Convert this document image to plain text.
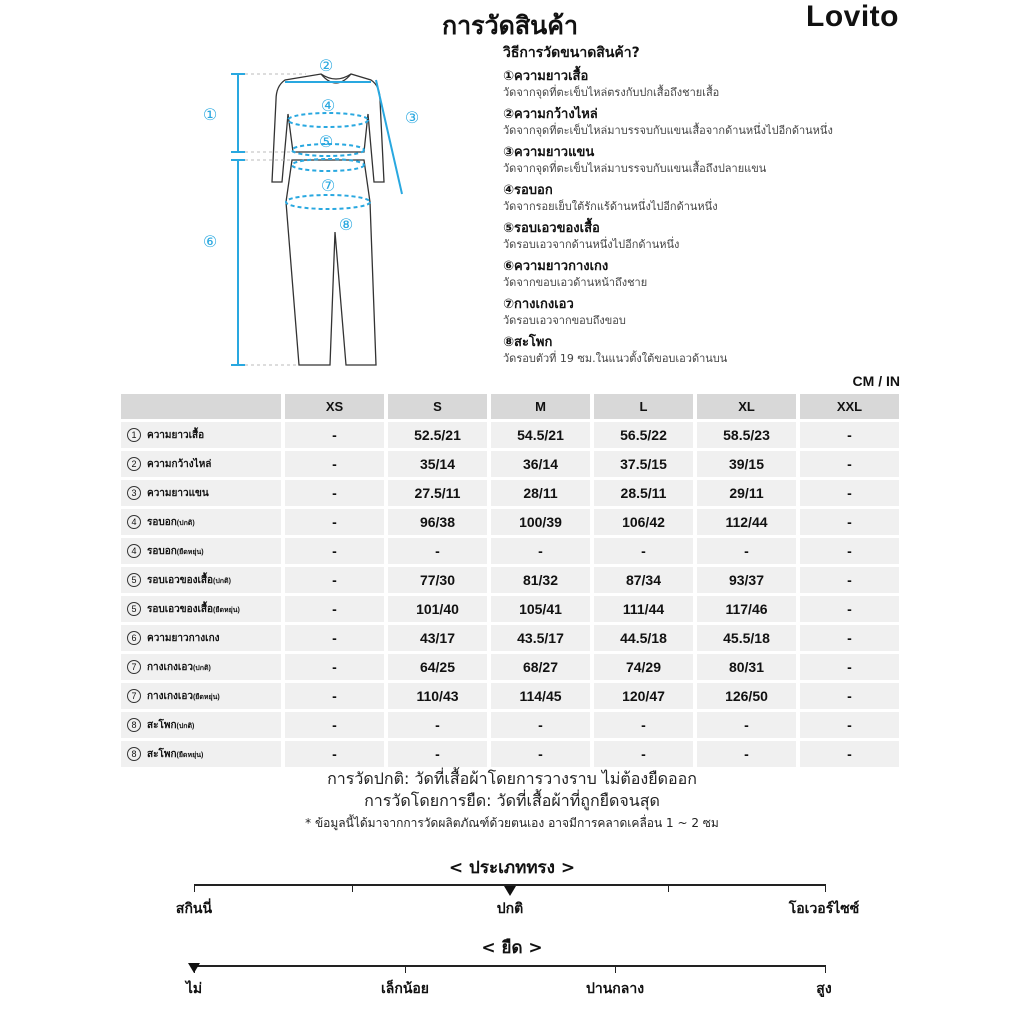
การวัดสินค้า	Lovito
①
②
③
④
⑤
⑥
⑦
⑧
วิธีการวัดขนาดสินค้า?
①ความยาวเสื้อ
วัดจากจุดที่ตะเข็บไหล่ตรงกับปกเสื้อถึงชายเสื้อ
②ความกว้างไหล่
วัดจากจุดที่ตะเข็บไหล่มาบรรจบกับแขนเสื้อจากด้านหนึ่งไปอีกด้านหนึ่ง
③ความยาวแขน
วัดจากจุดที่ตะเข็บไหล่มาบรรจบกับแขนเสื้อถึงปลายแขน
④รอบอก
วัดจากรอยเย็บใต้รักแร้ด้านหนึ่งไปอีกด้านหนึ่ง
⑤รอบเอวของเสื้อ
วัดรอบเอวจากด้านหนึ่งไปอีกด้านหนึ่ง
⑥ความยาวกางเกง
วัดจากขอบเอวด้านหน้าถึงชาย
⑦กางเกงเอว
วัดรอบเอวจากขอบถึงขอบ
⑧สะโพก
วัดรอบตัวที่ 19 ซม.ในแนวตั้งใต้ขอบเอวด้านบน
CM / IN
	XS	S	M	L	XL	XXL
1 ความยาวเสื้อ	-	52.5/21	54.5/21	56.5/22	58.5/23	-
2 ความกว้างไหล่	-	35/14	36/14	37.5/15	39/15	-
3 ความยาวแขน	-	27.5/11	28/11	28.5/11	29/11	-
4 รอบอก(ปกติ)	-	96/38	100/39	106/42	112/44	-
4 รอบอก(ยืดหยุ่น)	-	-	-	-	-	-
5 รอบเอวของเสื้อ(ปกติ)	-	77/30	81/32	87/34	93/37	-
5 รอบเอวของเสื้อ(ยืดหยุ่น)	-	101/40	105/41	111/44	117/46	-
6 ความยาวกางเกง	-	43/17	43.5/17	44.5/18	45.5/18	-
7 กางเกงเอว(ปกติ)	-	64/25	68/27	74/29	80/31	-
7 กางเกงเอว(ยืดหยุ่น)	-	110/43	114/45	120/47	126/50	-
8 สะโพก(ปกติ)	-	-	-	-	-	-
8 สะโพก(ยืดหยุ่น)	-	-	-	-	-	-
การวัดปกติ: วัดที่เสื้อผ้าโดยการวางราบ ไม่ต้องยืดออก
การวัดโดยการยืด: วัดที่เสื้อผ้าที่ถูกยืดจนสุด
* ข้อมูลนี้ได้มาจากการวัดผลิตภัณฑ์ด้วยตนเอง อาจมีการคลาดเคลื่อน 1 ~ 2 ซม
< ประเภททรง >
สกินนี่	ปกติ	โอเวอร์ไซซ์
< ยืด >
ไม่	เล็กน้อย	ปานกลาง	สูง
